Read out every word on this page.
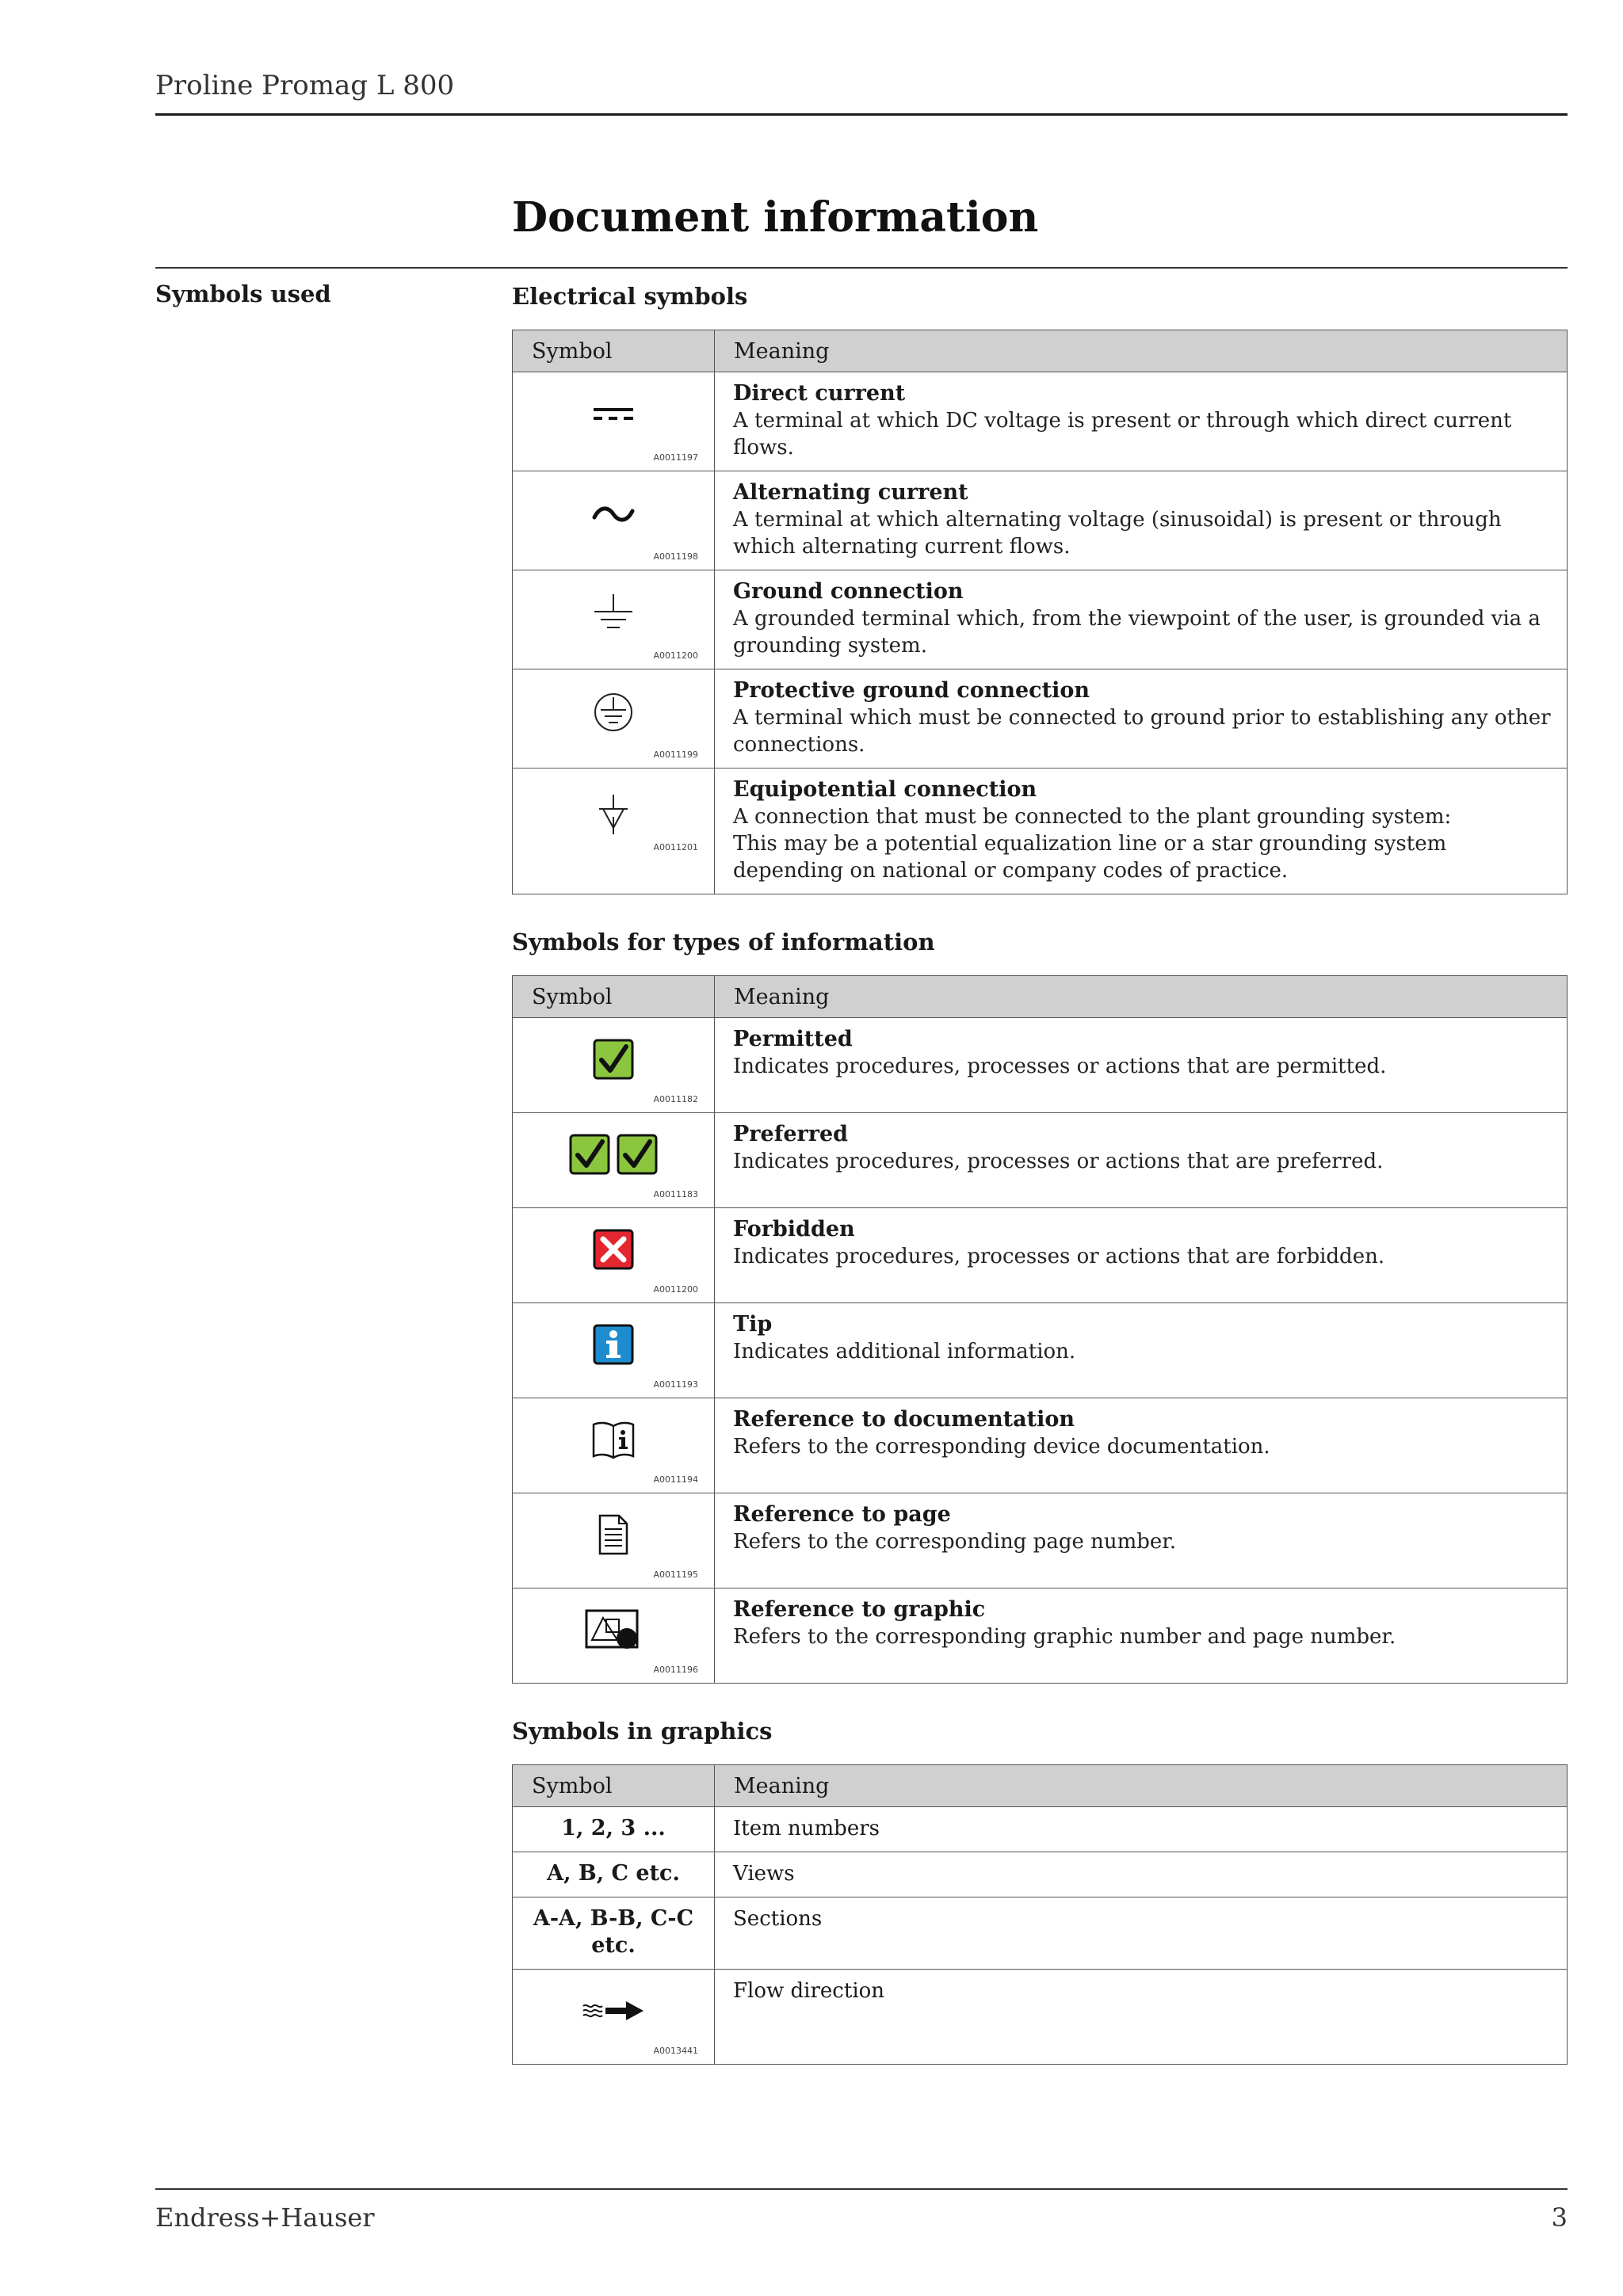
Proline Promag L 800
Document information
Symbols used	Electrical symbols
Symbol	Meaning

A0011197	Direct current
A terminal at which DC voltage is present or through which direct current flows.

A0011198	Alternating current
A terminal at which alternating voltage (sinusoidal) is present or through which alternating current flows.

A0011200	Ground connection
A grounded terminal which, from the viewpoint of the user, is grounded via a grounding system.

A0011199	Protective ground connection
A terminal which must be connected to ground prior to establishing any other connections.

A0011201	Equipotential connection
A connection that must be connected to the plant grounding system:
This may be a potential equalization line or a star grounding system depending on national or company codes of practice.
Symbols for types of information
Symbol	Meaning

A0011182	Permitted
Indicates procedures, processes or actions that are permitted.

A0011183	Preferred
Indicates procedures, processes or actions that are preferred.

A0011200	Forbidden
Indicates procedures, processes or actions that are forbidden.

A0011193	Tip
Indicates additional information.

A0011194	Reference to documentation
Refers to the corresponding device documentation.

A0011195	Reference to page
Refers to the corresponding page number.

A0011196	Reference to graphic
Refers to the corresponding graphic number and page number.
Symbols in graphics
Symbol	Meaning
1, 2, 3 ...	Item numbers
A, B, C etc.	Views
A-A, B-B, C-C etc.	Sections

A0013441	Flow direction
Endress+Hauser	3
